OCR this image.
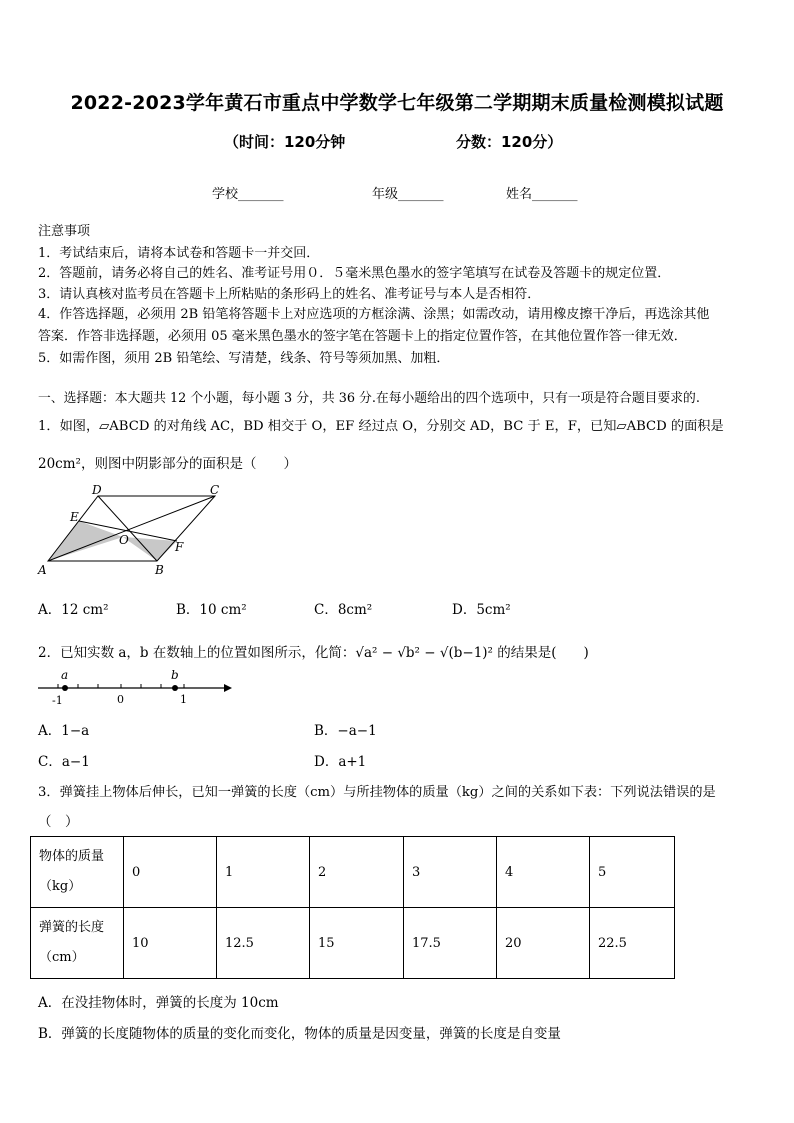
2022-2023学年黄石市重点中学数学七年级第二学期期末质量检测模拟试题
（时间：120分钟	分数：120分）
学校_______	年级_______	姓名_______
注意事项
1．考试结束后，请将本试卷和答题卡一并交回．
2．答题前，请务必将自己的姓名、准考证号用０．５毫米黑色墨水的签字笔填写在试卷及答题卡的规定位置．
3．请认真核对监考员在答题卡上所粘贴的条形码上的姓名、准考证号与本人是否相符．
4．作答选择题，必须用 2B 铅笔将答题卡上对应选项的方框涂满、涂黑；如需改动，请用橡皮擦干净后，再选涂其他
答案．作答非选择题，必须用 05 毫米黑色墨水的签字笔在答题卡上的指定位置作答，在其他位置作答一律无效．
5．如需作图，须用 2B 铅笔绘、写清楚，线条、符号等须加黑、加粗．
一、选择题：本大题共 12 个小题，每小题 3 分，共 36 分.在每小题给出的四个选项中，只有一项是符合题目要求的.
1．如图，▱ABCD 的对角线 AC，BD 相交于 O，EF 经过点 O，分别交 AD，BC 于 E，F，已知▱ABCD 的面积是
20cm²，则图中阴影部分的面积是（　　）
D	C
E
O	F
A	B
A．12 cm²	B．10 cm²	C．8cm²	D．5cm²
2．已知实数 a，b 在数轴上的位置如图所示，化简：√a² − √b² − √(b−1)² 的结果是(　　)
a	b
-1	0	1
A．1−a	B．−a−1
C．a−1	D．a+1
3．弹簧挂上物体后伸长，已知一弹簧的长度（cm）与所挂物体的质量（kg）之间的关系如下表：下列说法错误的是
（　）
物体的质量
（kg）	0	1	2	3	4	5

弹簧的长度
（cm）	10	12.5	15	17.5	20	22.5
A．在没挂物体时，弹簧的长度为 10cm
B．弹簧的长度随物体的质量的变化而变化，物体的质量是因变量，弹簧的长度是自变量
